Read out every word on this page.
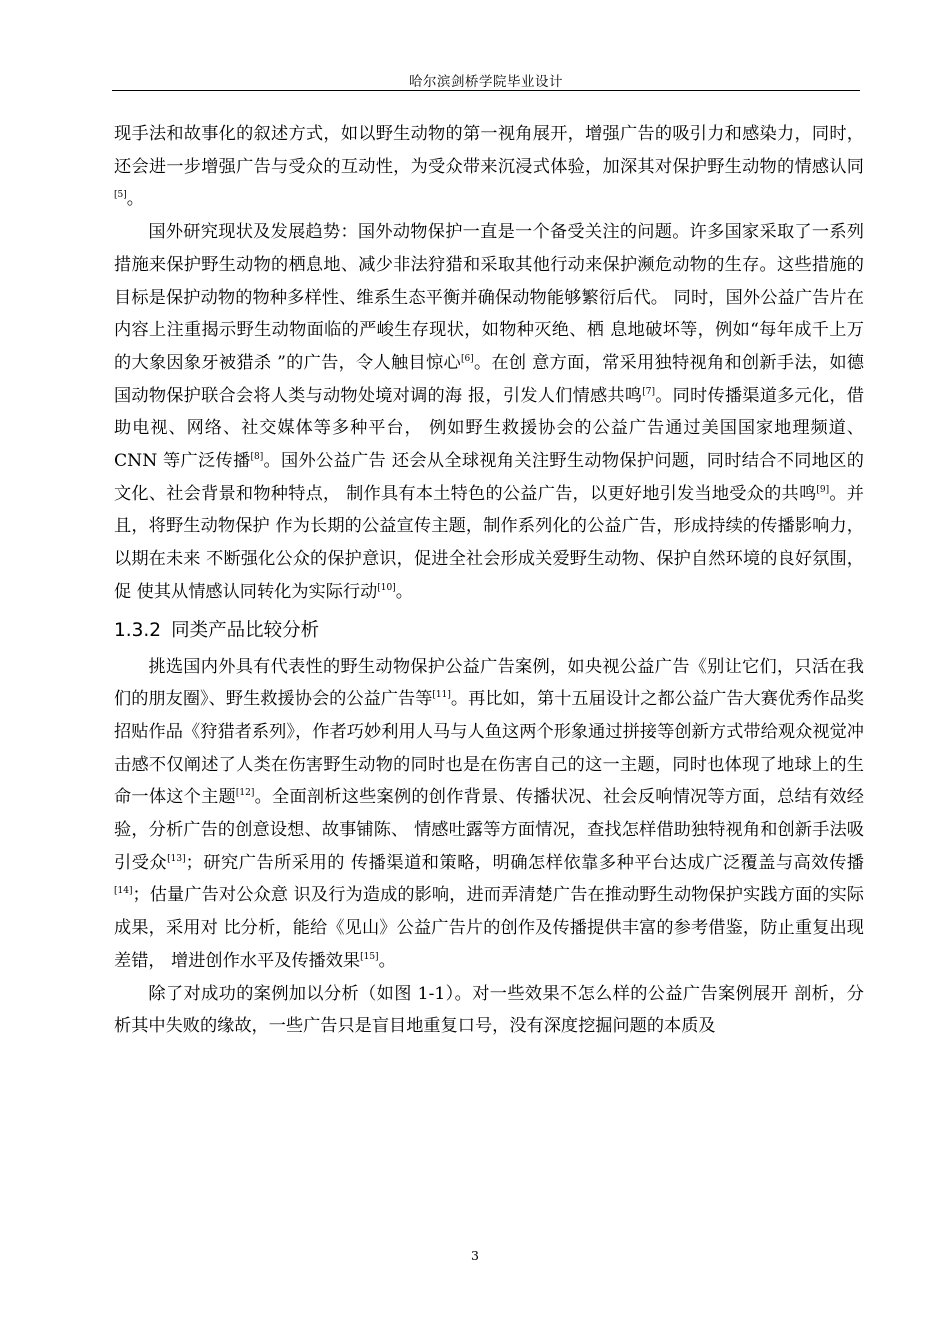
哈尔滨剑桥学院毕业设计

现手法和故事化的叙述方式，如以野生动物的第一视角展开，增强广告的吸引力和感染力，同时，还会进一步增强广告与受众的互动性，为受众带来沉浸式体验，加深其对保护野生动物的情感认同[5]。

国外研究现状及发展趋势：国外动物保护一直是一个备受关注的问题。许多国家采取了一系列措施来保护野生动物的栖息地、减少非法狩猎和采取其他行动来保护濒危动物的生存。这些措施的目标是保护动物的物种多样性、维系生态平衡并确保动物能够繁衍后代。 同时，国外公益广告片在内容上注重揭示野生动物面临的严峻生存现状，如物种灭绝、栖 息地破坏等，例如“每年成千上万的大象因象牙被猎杀 ”的广告，令人触目惊心[6]。在创 意方面，常采用独特视角和创新手法，如德国动物保护联合会将人类与动物处境对调的海 报，引发人们情感共鸣[7]。同时传播渠道多元化，借助电视、网络、社交媒体等多种平台， 例如野生救援协会的公益广告通过美国国家地理频道、CNN 等广泛传播[8]。国外公益广告 还会从全球视角关注野生动物保护问题，同时结合不同地区的文化、社会背景和物种特点， 制作具有本土特色的公益广告，以更好地引发当地受众的共鸣[9]。并且，将野生动物保护 作为长期的公益宣传主题，制作系列化的公益广告，形成持续的传播影响力，以期在未来 不断强化公众的保护意识，促进全社会形成关爱野生动物、保护自然环境的良好氛围，促 使其从情感认同转化为实际行动[10]。

1.3.2 同类产品比较分析

挑选国内外具有代表性的野生动物保护公益广告案例，如央视公益广告《别让它们，只活在我们的朋友圈》、野生救援协会的公益广告等[11]。再比如，第十五届设计之都公益广告大赛优秀作品奖招贴作品《狩猎者系列》，作者巧妙利用人马与人鱼这两个形象通过拼接等创新方式带给观众视觉冲击感不仅阐述了人类在伤害野生动物的同时也是在伤害自己的这一主题，同时也体现了地球上的生命一体这个主题[12]。全面剖析这些案例的创作背景、传播状况、社会反响情况等方面，总结有效经验，分析广告的创意设想、故事铺陈、 情感吐露等方面情况，查找怎样借助独特视角和创新手法吸引受众[13]；研究广告所采用的 传播渠道和策略，明确怎样依靠多种平台达成广泛覆盖与高效传播[14]；估量广告对公众意 识及行为造成的影响，进而弄清楚广告在推动野生动物保护实践方面的实际成果，采用对 比分析，能给《见山》公益广告片的创作及传播提供丰富的参考借鉴，防止重复出现差错， 增进创作水平及传播效果[15]。

除了对成功的案例加以分析（如图 1-1）。对一些效果不怎么样的公益广告案例展开 剖析，分析其中失败的缘故，一些广告只是盲目地重复口号，没有深度挖掘问题的本质及

3
